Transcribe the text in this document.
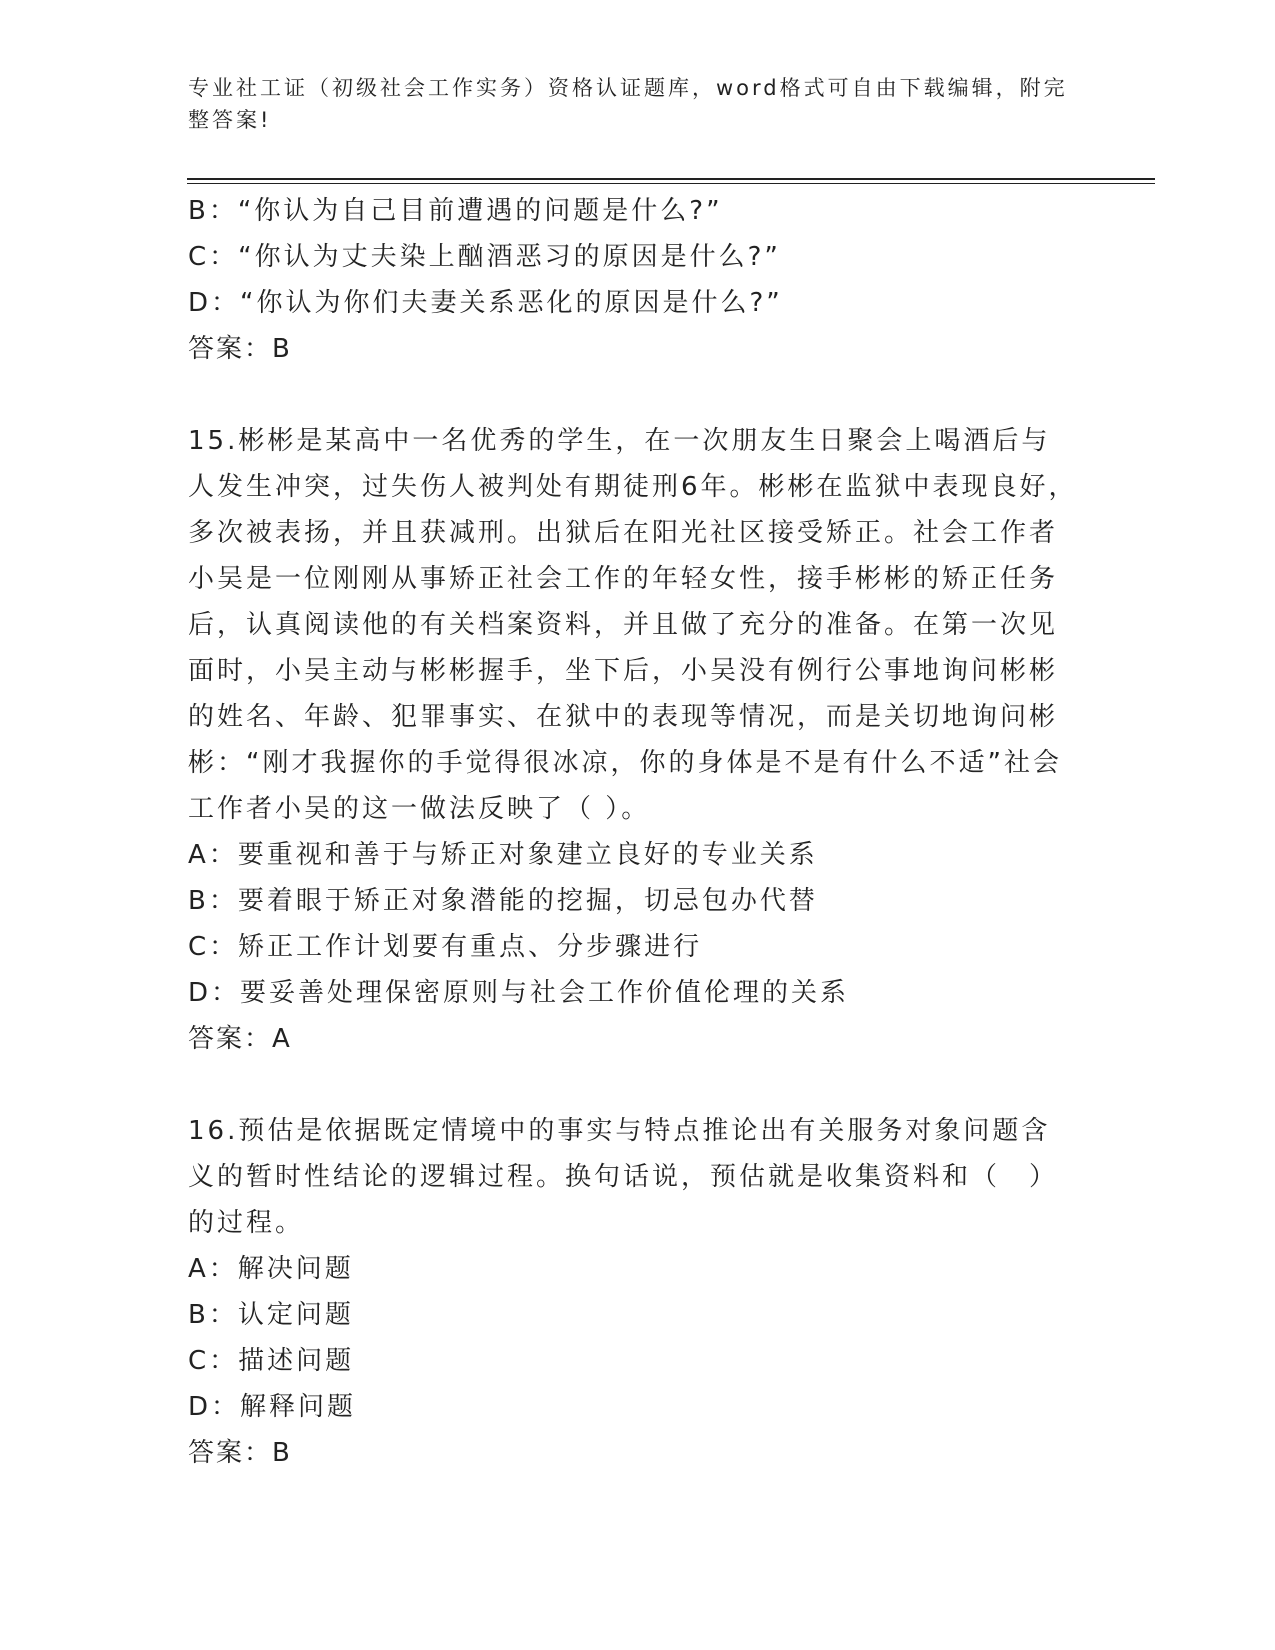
专业社工证（初级社会工作实务）资格认证题库，word格式可自由下载编辑，附完整答案!

B：“你认为自己目前遭遇的问题是什么?”

C：“你认为丈夫染上酗酒恶习的原因是什么?”

D：“你认为你们夫妻关系恶化的原因是什么?”

答案：B

15.彬彬是某高中一名优秀的学生，在一次朋友生日聚会上喝酒后与人发生冲突，过失伤人被判处有期徒刑6年。彬彬在监狱中表现良好，多次被表扬，并且获减刑。出狱后在阳光社区接受矫正。社会工作者小吴是一位刚刚从事矫正社会工作的年轻女性，接手彬彬的矫正任务后，认真阅读他的有关档案资料，并且做了充分的准备。在第一次见面时，小吴主动与彬彬握手，坐下后，小吴没有例行公事地询问彬彬的姓名、年龄、犯罪事实、在狱中的表现等情况，而是关切地询问彬彬：“刚才我握你的手觉得很冰凉，你的身体是不是有什么不适”社会工作者小吴的这一做法反映了（ ）。

A：要重视和善于与矫正对象建立良好的专业关系

B：要着眼于矫正对象潜能的挖掘，切忌包办代替

C：矫正工作计划要有重点、分步骤进行

D：要妥善处理保密原则与社会工作价值伦理的关系

答案：A

16.预估是依据既定情境中的事实与特点推论出有关服务对象问题含义的暂时性结论的逻辑过程。换句话说，预估就是收集资料和（　）的过程。

A：解决问题

B：认定问题

C：描述问题

D：解释问题

答案：B
